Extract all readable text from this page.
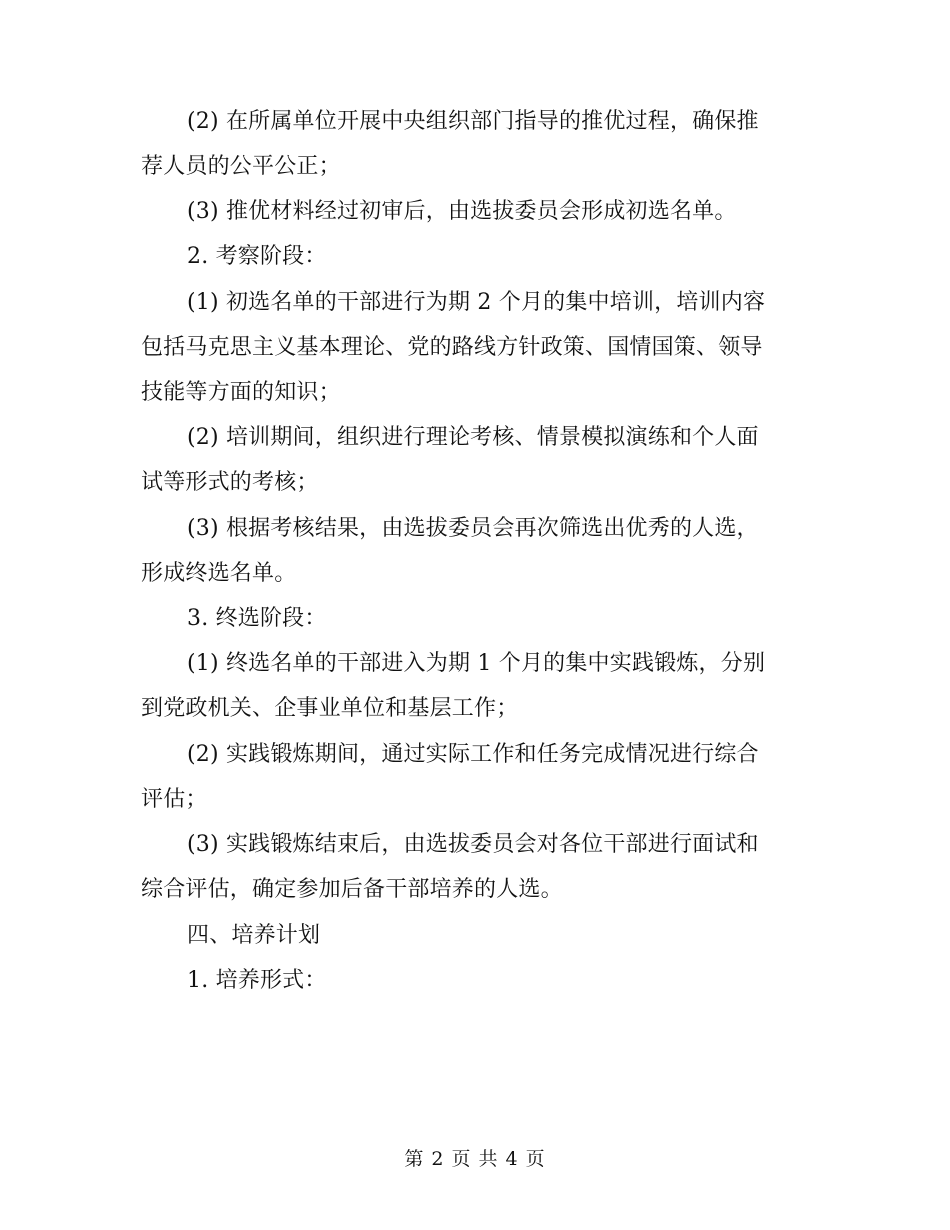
(2) 在所属单位开展中央组织部门指导的推优过程，确保推
荐人员的公平公正；
(3) 推优材料经过初审后，由选拔委员会形成初选名单。
2. 考察阶段：
(1) 初选名单的干部进行为期 2 个月的集中培训，培训内容
包括马克思主义基本理论、党的路线方针政策、国情国策、领导
技能等方面的知识；
(2) 培训期间，组织进行理论考核、情景模拟演练和个人面
试等形式的考核；
(3) 根据考核结果，由选拔委员会再次筛选出优秀的人选，
形成终选名单。
3. 终选阶段：
(1) 终选名单的干部进入为期 1 个月的集中实践锻炼，分别
到党政机关、企事业单位和基层工作；
(2) 实践锻炼期间，通过实际工作和任务完成情况进行综合
评估；
(3) 实践锻炼结束后，由选拔委员会对各位干部进行面试和
综合评估，确定参加后备干部培养的人选。
四、培养计划
1. 培养形式：
第 2 页 共 4 页
